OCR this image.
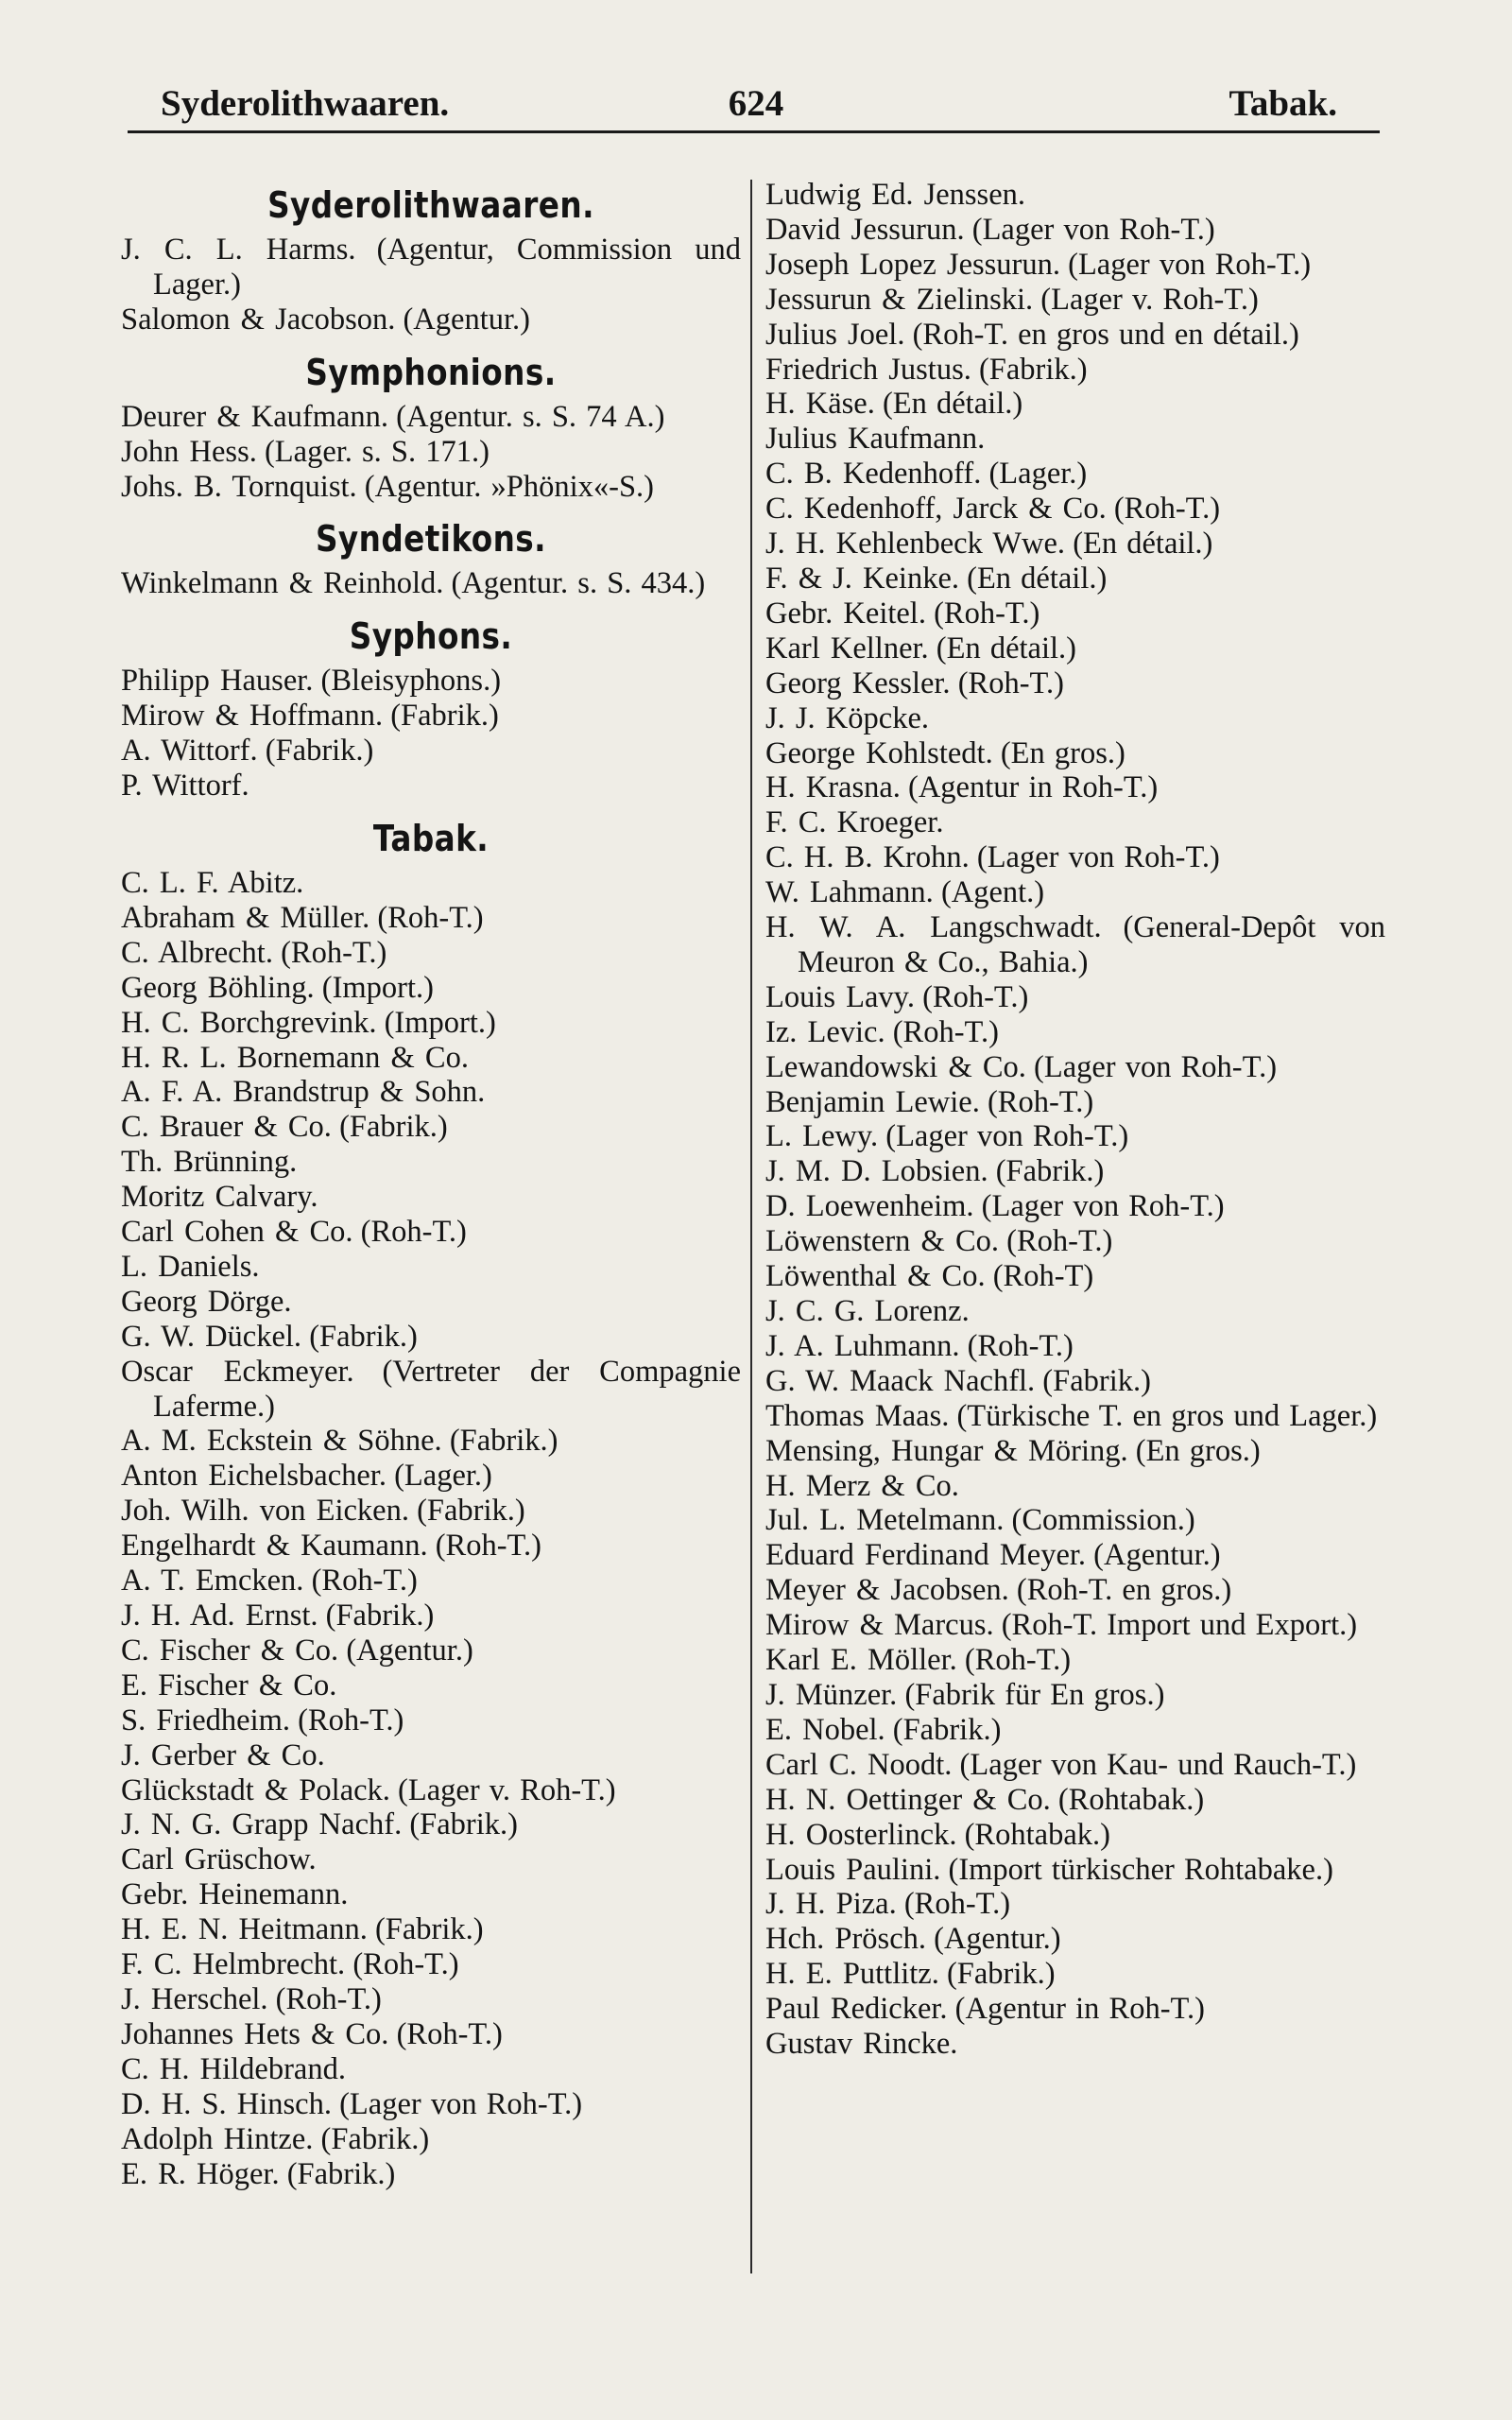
Syderolithwaaren.	624	Tabak.
Syderolithwaaren.
J. C. L. Harms. (Agentur, Commission und Lager.)
Salomon & Jacobson. (Agentur.)
Symphonions.
Deurer & Kaufmann. (Agentur. s. S. 74 A.)
John Hess. (Lager. s. S. 171.)
Johs. B. Tornquist. (Agentur. »Phönix«-S.)
Syndetikons.
Winkelmann & Reinhold. (Agentur. s. S. 434.)
Syphons.
Philipp Hauser. (Bleisyphons.)
Mirow & Hoffmann. (Fabrik.)
A. Wittorf. (Fabrik.)
P. Wittorf.
Tabak.
C. L. F. Abitz.
Abraham & Müller. (Roh-T.)
C. Albrecht. (Roh-T.)
Georg Böhling. (Import.)
H. C. Borchgrevink. (Import.)
H. R. L. Bornemann & Co.
A. F. A. Brandstrup & Sohn.
C. Brauer & Co. (Fabrik.)
Th. Brünning.
Moritz Calvary.
Carl Cohen & Co. (Roh-T.)
L. Daniels.
Georg Dörge.
G. W. Dückel. (Fabrik.)
Oscar Eckmeyer. (Vertreter der Compagnie Laferme.)
A. M. Eckstein & Söhne. (Fabrik.)
Anton Eichelsbacher. (Lager.)
Joh. Wilh. von Eicken. (Fabrik.)
Engelhardt & Kaumann. (Roh-T.)
A. T. Emcken. (Roh-T.)
J. H. Ad. Ernst. (Fabrik.)
C. Fischer & Co. (Agentur.)
E. Fischer & Co.
S. Friedheim. (Roh-T.)
J. Gerber & Co.
Glückstadt & Polack. (Lager v. Roh-T.)
J. N. G. Grapp Nachf. (Fabrik.)
Carl Grüschow.
Gebr. Heinemann.
H. E. N. Heitmann. (Fabrik.)
F. C. Helmbrecht. (Roh-T.)
J. Herschel. (Roh-T.)
Johannes Hets & Co. (Roh-T.)
C. H. Hildebrand.
D. H. S. Hinsch. (Lager von Roh-T.)
Adolph Hintze. (Fabrik.)
E. R. Höger. (Fabrik.)
Ludwig Ed. Jenssen.
David Jessurun. (Lager von Roh-T.)
Joseph Lopez Jessurun. (Lager von Roh-T.)
Jessurun & Zielinski. (Lager v. Roh-T.)
Julius Joel. (Roh-T. en gros und en détail.)
Friedrich Justus. (Fabrik.)
H. Käse. (En détail.)
Julius Kaufmann.
C. B. Kedenhoff. (Lager.)
C. Kedenhoff, Jarck & Co. (Roh-T.)
J. H. Kehlenbeck Wwe. (En détail.)
F. & J. Keinke. (En détail.)
Gebr. Keitel. (Roh-T.)
Karl Kellner. (En détail.)
Georg Kessler. (Roh-T.)
J. J. Köpcke.
George Kohlstedt. (En gros.)
H. Krasna. (Agentur in Roh-T.)
F. C. Kroeger.
C. H. B. Krohn. (Lager von Roh-T.)
W. Lahmann. (Agent.)
H. W. A. Langschwadt. (General-Depôt von Meuron & Co., Bahia.)
Louis Lavy. (Roh-T.)
Iz. Levic. (Roh-T.)
Lewandowski & Co. (Lager von Roh-T.)
Benjamin Lewie. (Roh-T.)
L. Lewy. (Lager von Roh-T.)
J. M. D. Lobsien. (Fabrik.)
D. Loewenheim. (Lager von Roh-T.)
Löwenstern & Co. (Roh-T.)
Löwenthal & Co. (Roh-T)
J. C. G. Lorenz.
J. A. Luhmann. (Roh-T.)
G. W. Maack Nachfl. (Fabrik.)
Thomas Maas. (Türkische T. en gros und Lager.)
Mensing, Hungar & Möring. (En gros.)
H. Merz & Co.
Jul. L. Metelmann. (Commission.)
Eduard Ferdinand Meyer. (Agentur.)
Meyer & Jacobsen. (Roh-T. en gros.)
Mirow & Marcus. (Roh-T. Import und Export.)
Karl E. Möller. (Roh-T.)
J. Münzer. (Fabrik für En gros.)
E. Nobel. (Fabrik.)
Carl C. Noodt. (Lager von Kau- und Rauch-T.)
H. N. Oettinger & Co. (Rohtabak.)
H. Oosterlinck. (Rohtabak.)
Louis Paulini. (Import türkischer Rohtabake.)
J. H. Piza. (Roh-T.)
Hch. Prösch. (Agentur.)
H. E. Puttlitz. (Fabrik.)
Paul Redicker. (Agentur in Roh-T.)
Gustav Rincke.
